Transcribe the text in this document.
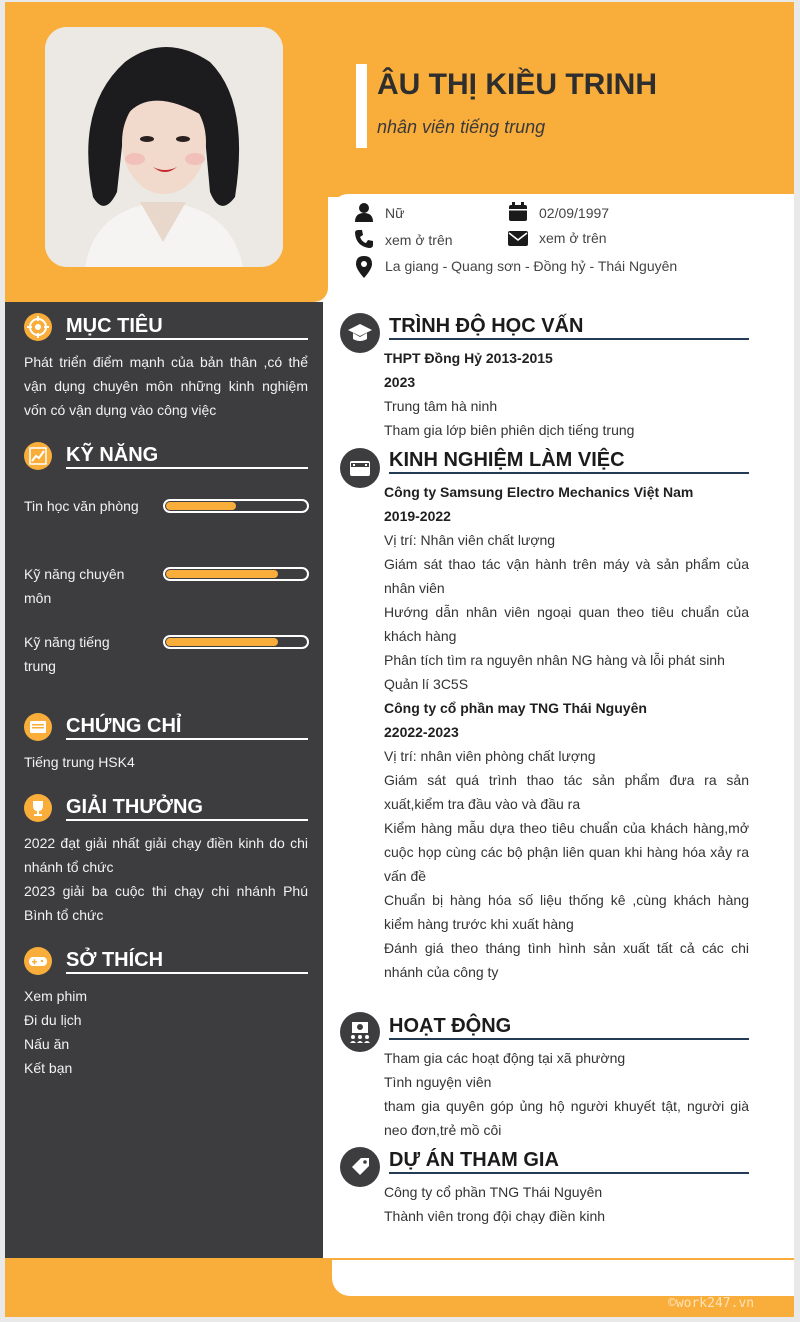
ÂU THỊ KIỀU TRINH
nhân viên tiếng trung
Nữ	02/09/1997
xem ở trên	xem ở trên
La giang - Quang sơn - Đồng hỷ - Thái Nguyên
MỤC TIÊU
Phát triển điểm mạnh của bản thân ,có thể vận dụng chuyên môn những kinh nghiệm vốn có vận dụng vào công việc
KỸ NĂNG
Tin học văn phòng
Kỹ năng chuyên môn
Kỹ năng tiếng trung
CHỨNG CHỈ
Tiếng trung HSK4
GIẢI THƯỞNG
2022 đạt giải nhất giải chạy điền kinh do chi nhánh tổ chức
2023 giải ba cuộc thi chạy chi nhánh Phú Bình tổ chức
SỞ THÍCH
Xem phim
Đi du lịch
Nấu ăn
Kết bạn
TRÌNH ĐỘ HỌC VẤN
THPT Đồng Hỷ 2013-2015
2023
Trung tâm hà ninh
Tham gia lớp biên phiên dịch tiếng trung
KINH NGHIỆM LÀM VIỆC
Công ty Samsung Electro Mechanics Việt Nam
2019-2022
Vị trí: Nhân viên chất lượng
Giám sát thao tác vận hành trên máy và sản phẩm của nhân viên
Hướng dẫn nhân viên ngoại quan theo tiêu chuẩn của khách hàng
Phân tích tìm ra nguyên nhân NG hàng và lỗi phát sinh
Quản lí 3C5S
Công ty cổ phần may TNG Thái Nguyên
22022-2023
Vị trí: nhân viên phòng chất lượng
Giám sát quá trình thao tác sản phẩm đưa ra sản xuất,kiểm tra đầu vào và đầu ra
Kiểm hàng mẫu dựa theo tiêu chuẩn của khách hàng,mở cuộc họp cùng các bộ phận liên quan khi hàng hóa xảy ra vấn đề
Chuẩn bị hàng hóa số liệu thống kê ,cùng khách hàng kiểm hàng trước khi xuất hàng
Đánh giá theo tháng tình hình sản xuất tất cả các chi nhánh của công ty
HOẠT ĐỘNG
Tham gia các hoạt động tại xã phường
Tình nguyện viên
tham gia quyên góp ủng hộ người khuyết tật, người già neo đơn,trẻ mồ côi
DỰ ÁN THAM GIA
Công ty cổ phần TNG Thái Nguyên
Thành viên trong đội chạy điền kinh
©work247.vn
